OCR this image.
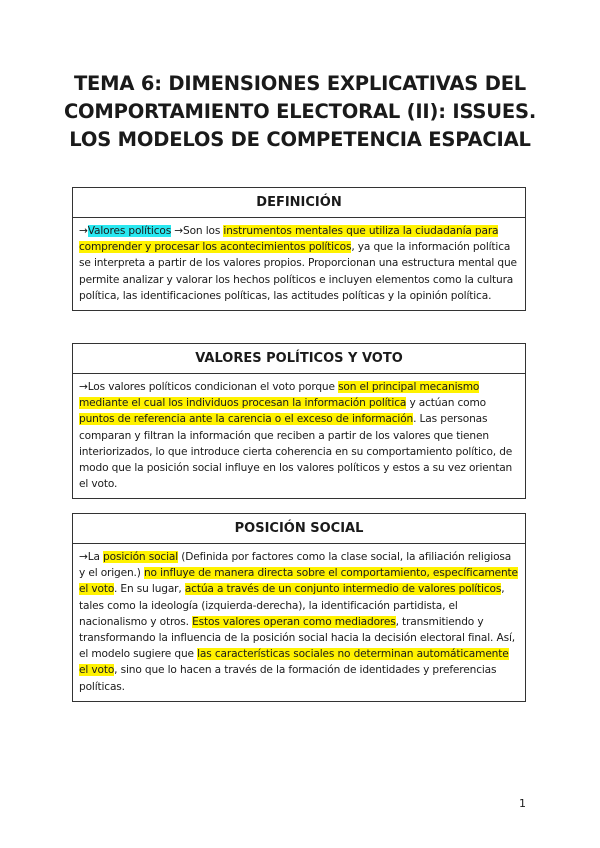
TEMA 6: DIMENSIONES EXPLICATIVAS DEL
COMPORTAMIENTO ELECTORAL (II): ISSUES.
LOS MODELOS DE COMPETENCIA ESPACIAL
DEFINICIÓN
→Valores políticos →Son los instrumentos mentales que utiliza la ciudadanía para comprender y procesar los acontecimientos políticos, ya que la información política se interpreta a partir de los valores propios. Proporcionan una estructura mental que permite analizar y valorar los hechos políticos e incluyen elementos como la cultura política, las identificaciones políticas, las actitudes políticas y la opinión política.
VALORES POLÍTICOS Y VOTO
→Los valores políticos condicionan el voto porque son el principal mecanismo mediante el cual los individuos procesan la información política y actúan como puntos de referencia ante la carencia o el exceso de información. Las personas comparan y filtran la información que reciben a partir de los valores que tienen interiorizados, lo que introduce cierta coherencia en su comportamiento político, de modo que la posición social influye en los valores políticos y estos a su vez orientan el voto.
POSICIÓN SOCIAL
→La posición social (Definida por factores como la clase social, la afiliación religiosa y el origen.) no influye de manera directa sobre el comportamiento, específicamente el voto. En su lugar, actúa a través de un conjunto intermedio de valores políticos, tales como la ideología (izquierda-derecha), la identificación partidista, el nacionalismo y otros. Estos valores operan como mediadores, transmitiendo y transformando la influencia de la posición social hacia la decisión electoral final. Así, el modelo sugiere que las características sociales no determinan automáticamente el voto, sino que lo hacen a través de la formación de identidades y preferencias políticas.
1
